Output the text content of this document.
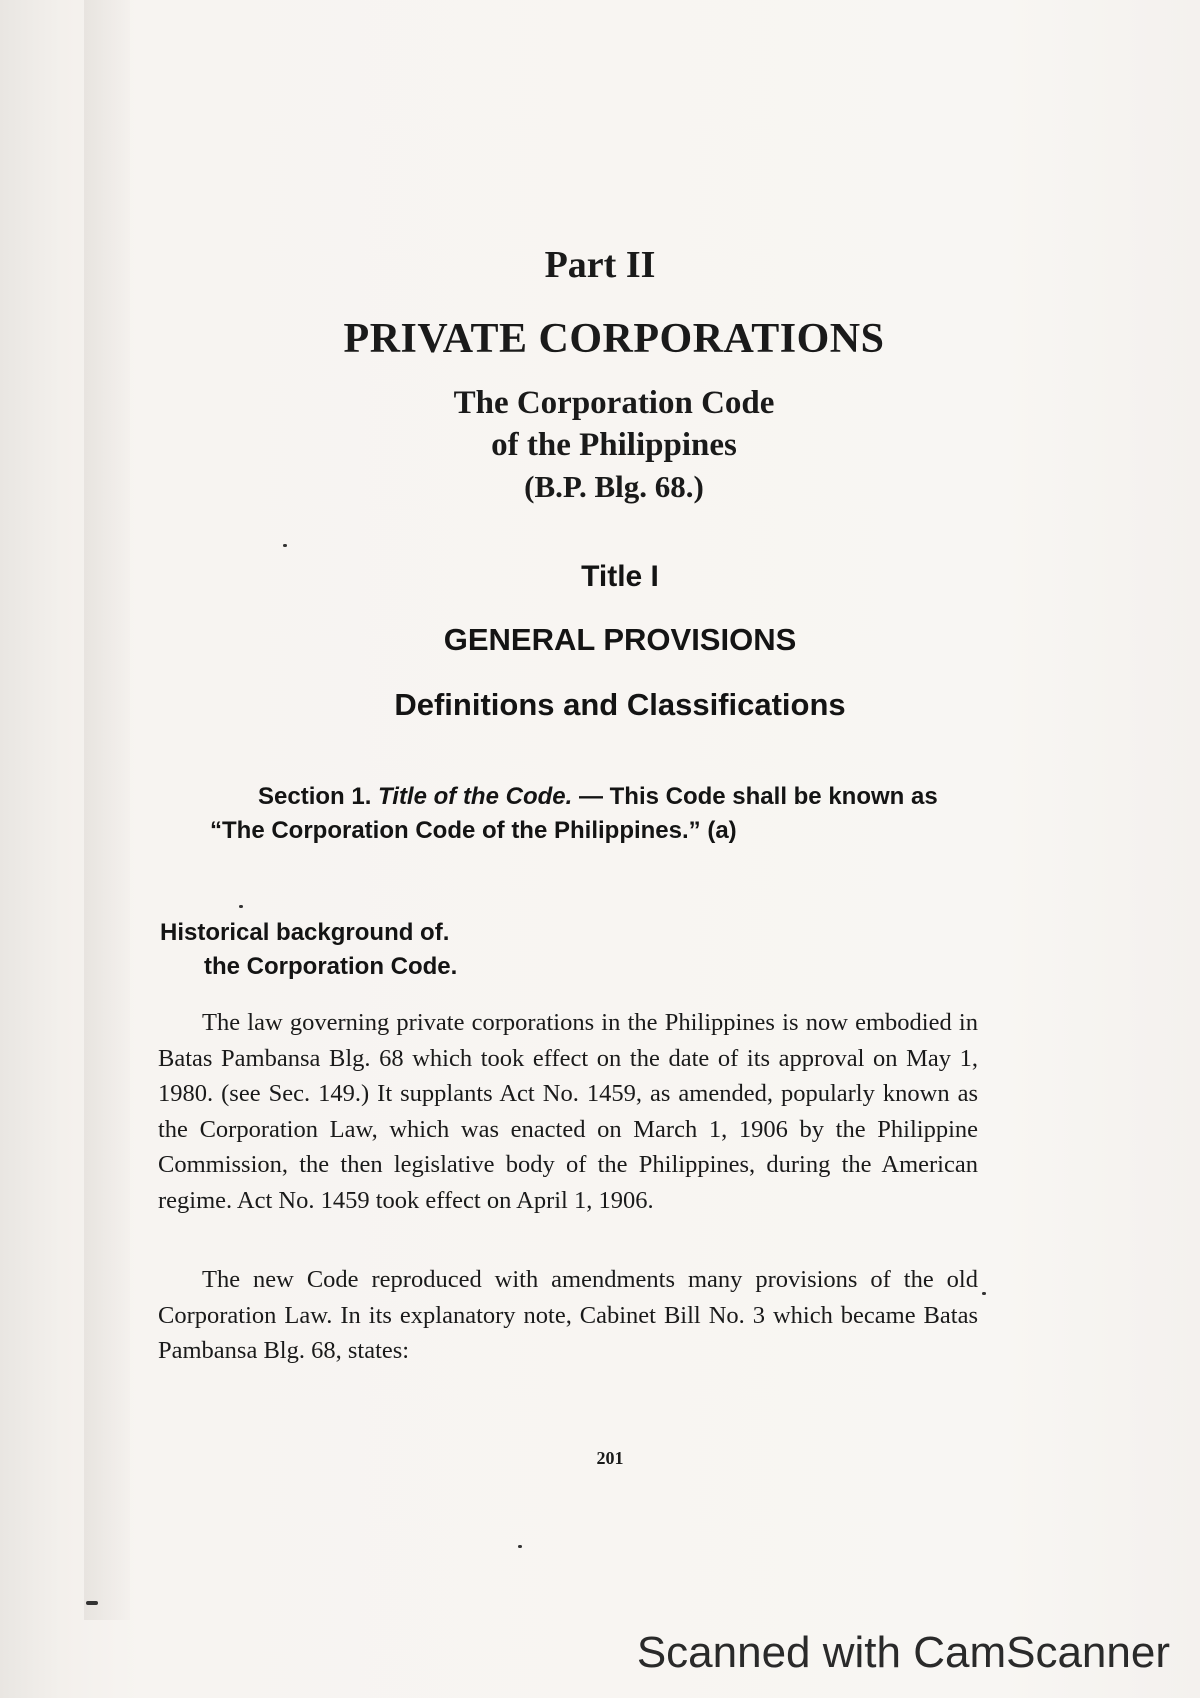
Part II
PRIVATE CORPORATIONS
The Corporation Code
of the Philippines
(B.P. Blg. 68.)
Title I
GENERAL PROVISIONS
Definitions and Classifications
Section 1. Title of the Code. — This Code shall be known as “The Corporation Code of the Philippines.” (a)
Historical background of.
the Corporation Code.
The law governing private corporations in the Philippines is now embodied in Batas Pambansa Blg. 68 which took effect on the date of its approval on May 1, 1980. (see Sec. 149.) It supplants Act No. 1459, as amended, popularly known as the Corporation Law, which was enacted on March 1, 1906 by the Philippine Commission, the then legislative body of the Philippines, during the American regime. Act No. 1459 took effect on April 1, 1906.
The new Code reproduced with amendments many provisions of the old Corporation Law. In its explanatory note, Cabinet Bill No. 3 which became Batas Pambansa Blg. 68, states:
201
Scanned with CamScanner
